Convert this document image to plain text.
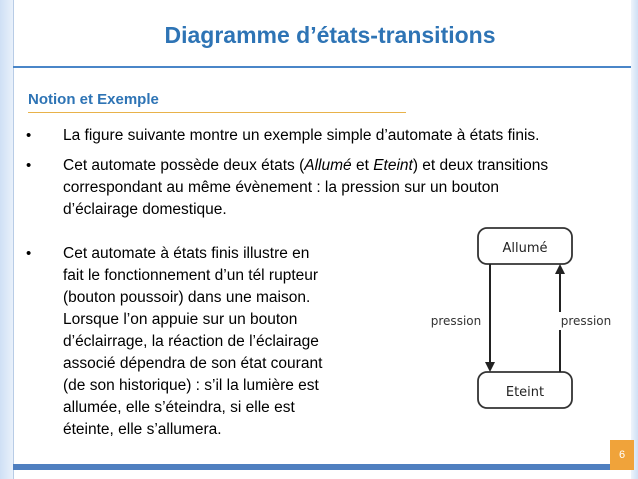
Diagramme d’états-transitions
Notion et Exemple
• La figure suivante montre un exemple simple d’automate à états finis.
• Cet automate possède deux états (Allumé et Eteint) et deux transitions
correspondant au même évènement : la pression sur un bouton
d’éclairage domestique.
• Cet automate à états finis illustre en
fait le fonctionnement d’un tél rupteur
(bouton poussoir) dans une maison.
Lorsque l’on appuie sur un bouton
d’éclairrage, la réaction de l’éclairage
associé dépendra de son état courant
(de son historique) : s’il la lumière est
allumée, elle s’éteindra, si elle est
éteinte, elle s’allumera.
Allumé
Eteint
pression	pression
6
